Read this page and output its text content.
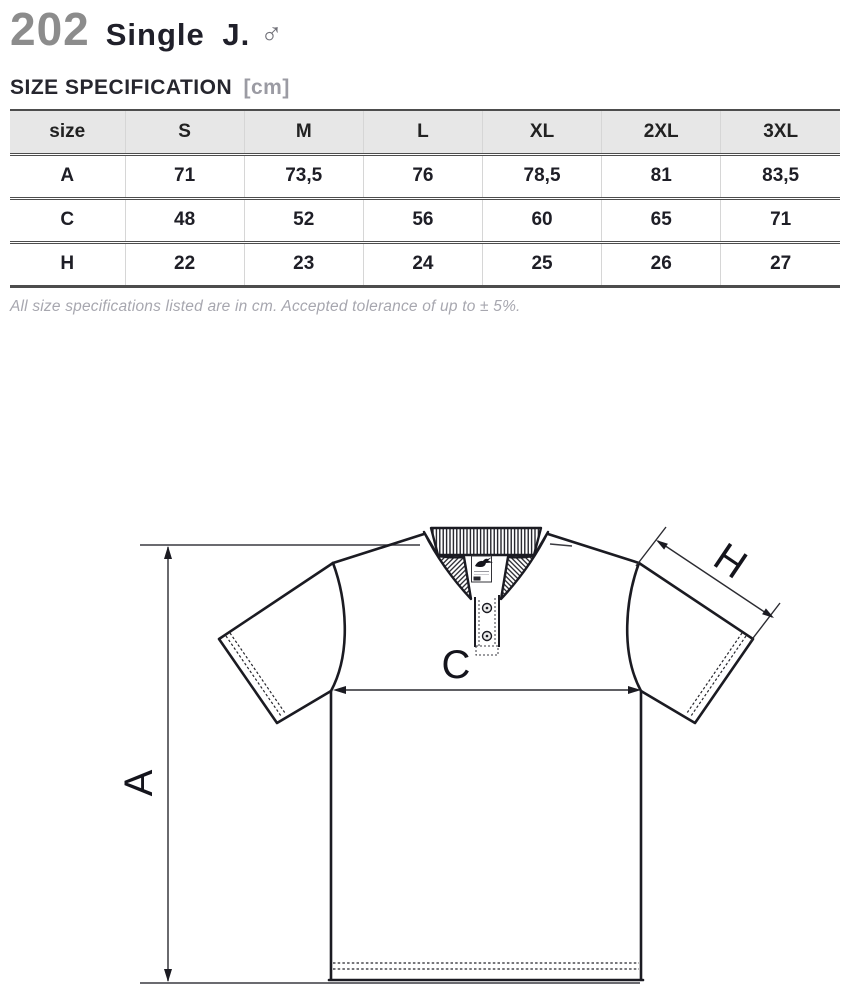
202 Single J. ♂
SIZE SPECIFICATION [cm]
size	S	M	L	XL	2XL	3XL
A	71	73,5	76	78,5	81	83,5
C	48	52	56	60	65	71
H	22	23	24	25	26	27
All size specifications listed are in cm. Accepted tolerance of up to ± 5%.
A
C
H
